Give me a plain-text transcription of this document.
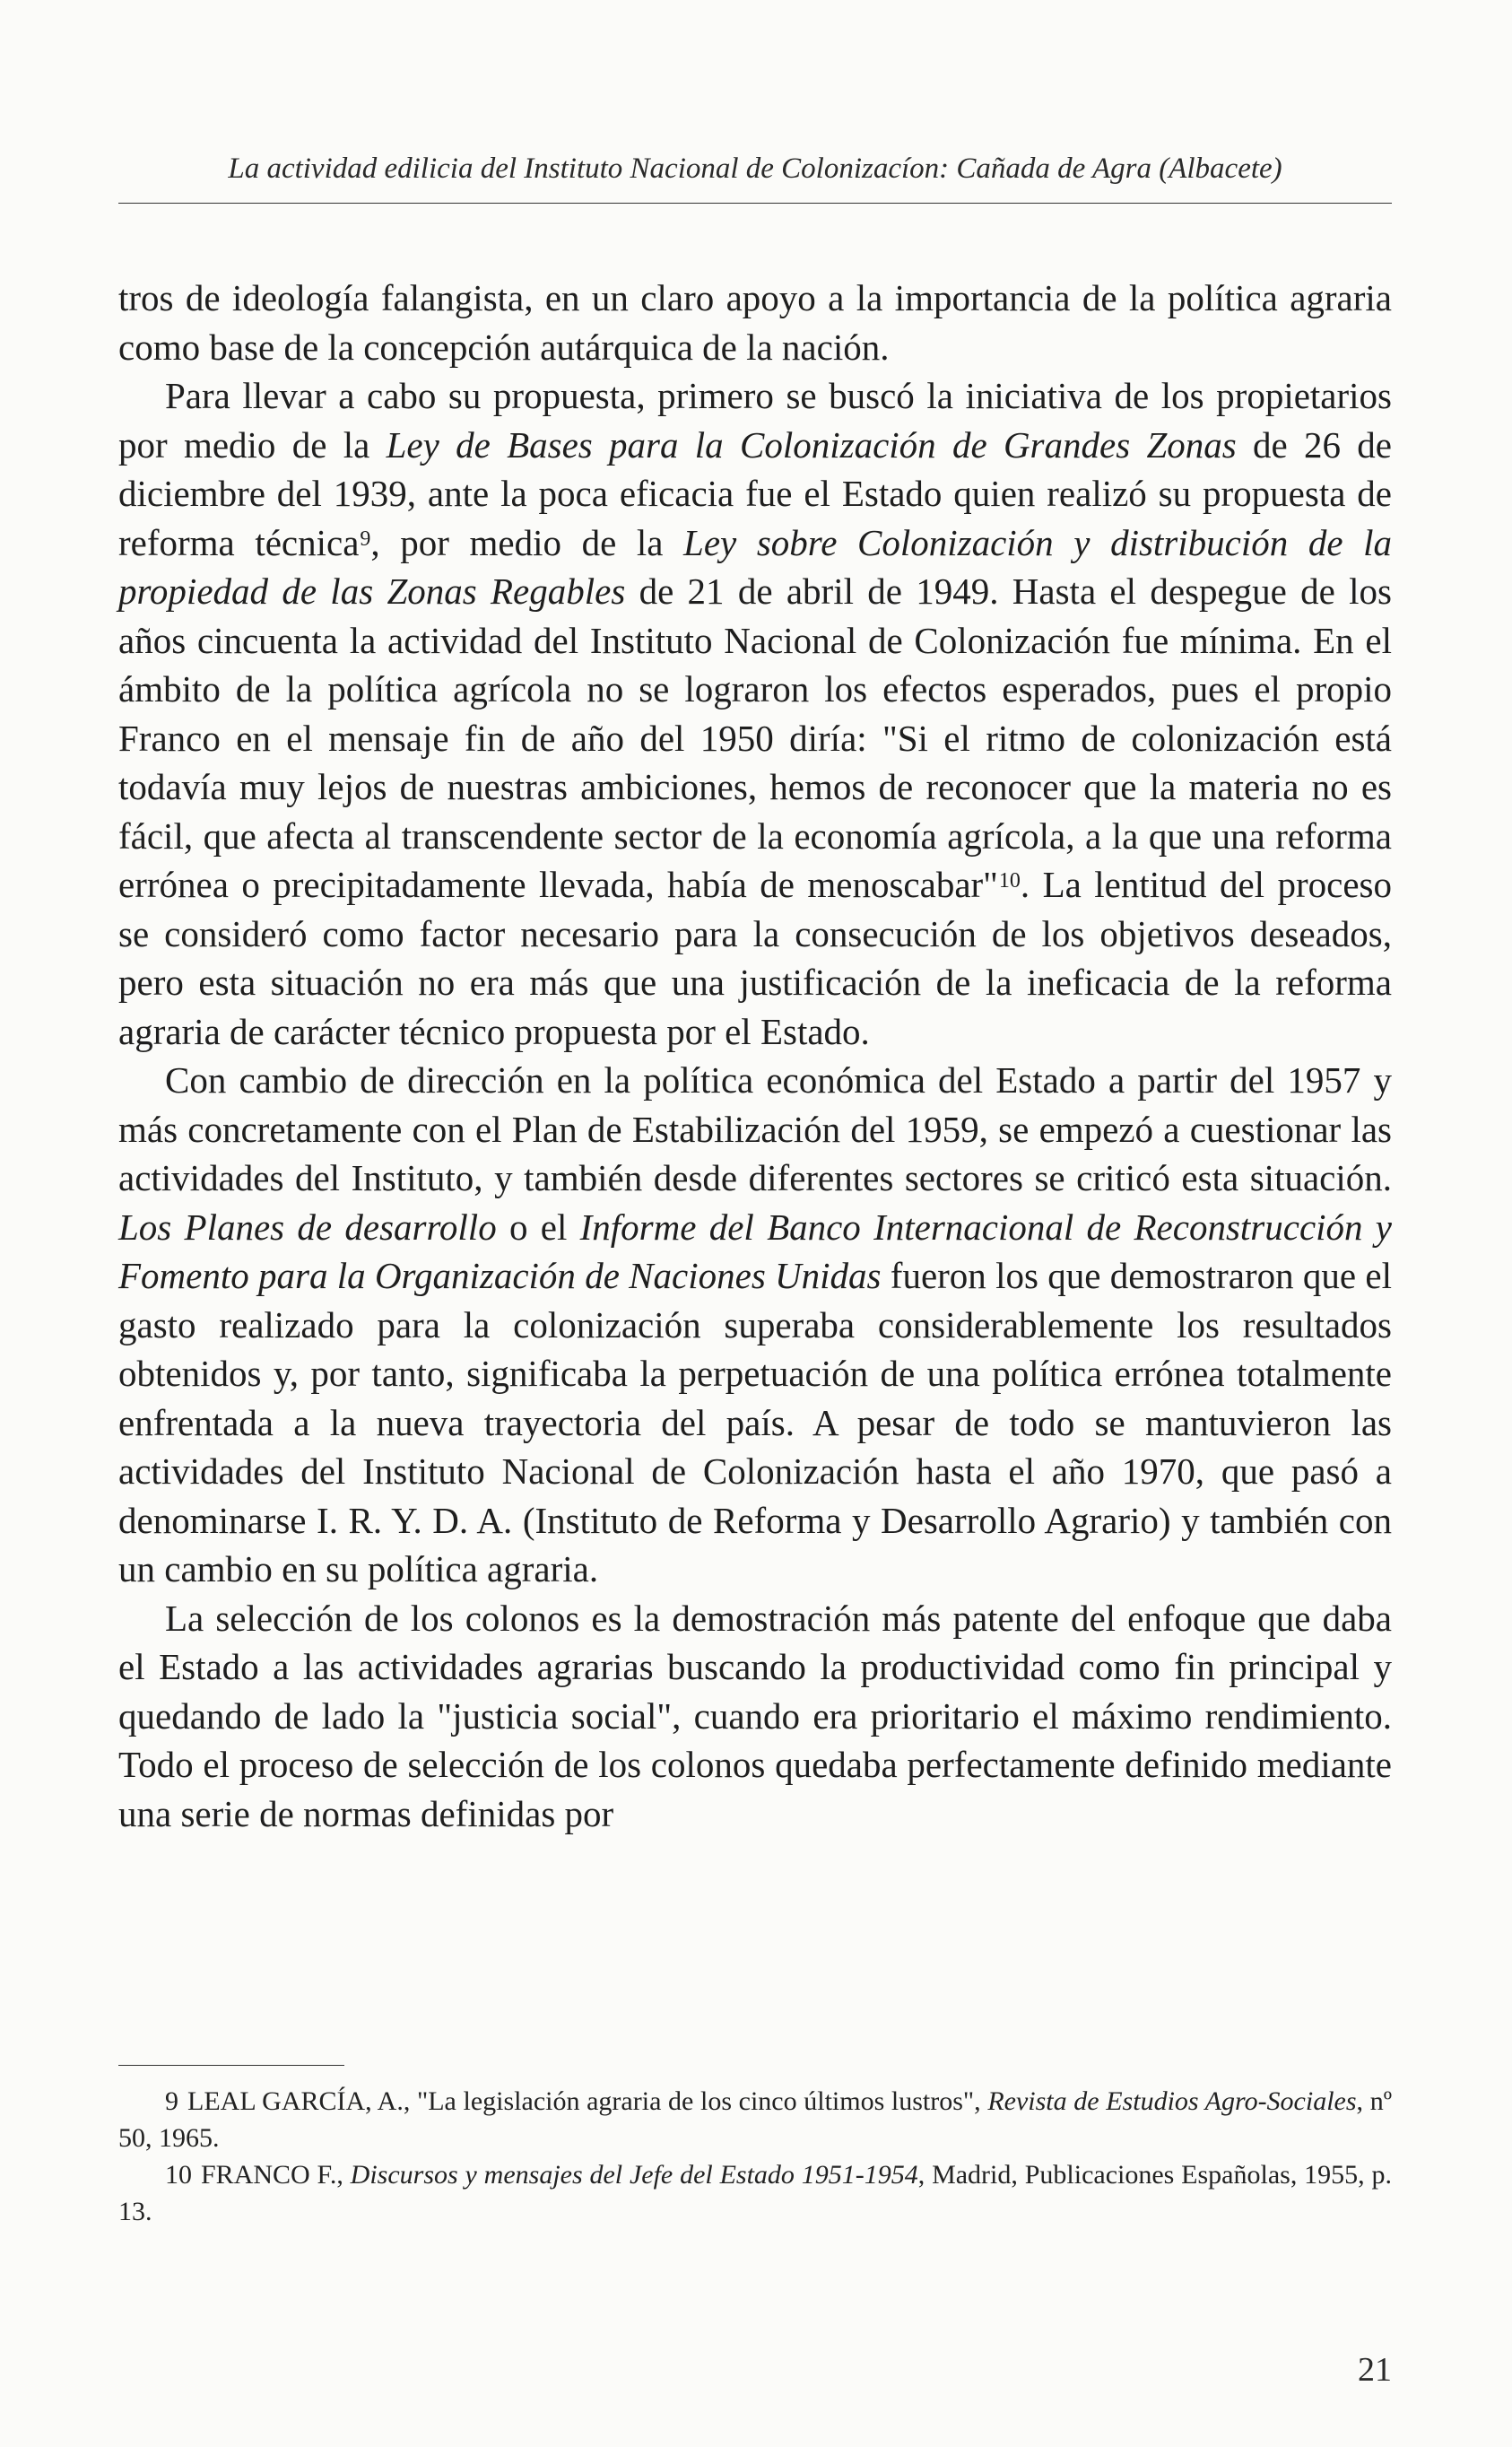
La actividad edilicia del Instituto Nacional de Colonizacíon: Cañada de Agra (Albacete)

tros de ideología falangista, en un claro apoyo a la importancia de la política agraria como base de la concepción autárquica de la nación.

Para llevar a cabo su propuesta, primero se buscó la iniciativa de los propietarios por medio de la Ley de Bases para la Colonización de Grandes Zonas de 26 de diciembre del 1939, ante la poca eficacia fue el Estado quien realizó su propuesta de reforma técnica$^9$, por medio de la Ley sobre Colonización y distribución de la propiedad de las Zonas Regables de 21 de abril de 1949. Hasta el despegue de los años cincuenta la actividad del Instituto Nacional de Colonización fue mínima. En el ámbito de la política agrícola no se lograron los efectos esperados, pues el propio Franco en el mensaje fin de año del 1950 diría: "Si el ritmo de colonización está todavía muy lejos de nuestras ambiciones, hemos de reconocer que la materia no es fácil, que afecta al transcendente sector de la economía agrícola, a la que una reforma errónea o precipitadamente llevada, había de menoscabar"$^{10}$. La lentitud del proceso se consideró como factor necesario para la consecución de los objetivos deseados, pero esta situación no era más que una justificación de la ineficacia de la reforma agraria de carácter técnico propuesta por el Estado.

Con cambio de dirección en la política económica del Estado a partir del 1957 y más concretamente con el Plan de Estabilización del 1959, se empezó a cuestionar las actividades del Instituto, y también desde diferentes sectores se criticó esta situación. Los Planes de desarrollo o el Informe del Banco Internacional de Reconstrucción y Fomento para la Organización de Naciones Unidas fueron los que demostraron que el gasto realizado para la colonización superaba considerablemente los resultados obtenidos y, por tanto, significaba la perpetuación de una política errónea totalmente enfrentada a la nueva trayectoria del país. A pesar de todo se mantuvieron las actividades del Instituto Nacional de Colonización hasta el año 1970, que pasó a denominarse I. R. Y. D. A. (Instituto de Reforma y Desarrollo Agrario) y también con un cambio en su política agraria.

La selección de los colonos es la demostración más patente del enfoque que daba el Estado a las actividades agrarias buscando la productividad como fin principal y quedando de lado la "justicia social", cuando era prioritario el máximo rendimiento. Todo el proceso de selección de los colonos quedaba perfectamente definido mediante una serie de normas definidas por

9 LEAL GARCÍA, A., "La legislación agraria de los cinco últimos lustros", Revista de Estudios Agro-Sociales, nº 50, 1965.

10 FRANCO F., Discursos y mensajes del Jefe del Estado 1951-1954, Madrid, Publicaciones Españolas, 1955, p. 13.

21
